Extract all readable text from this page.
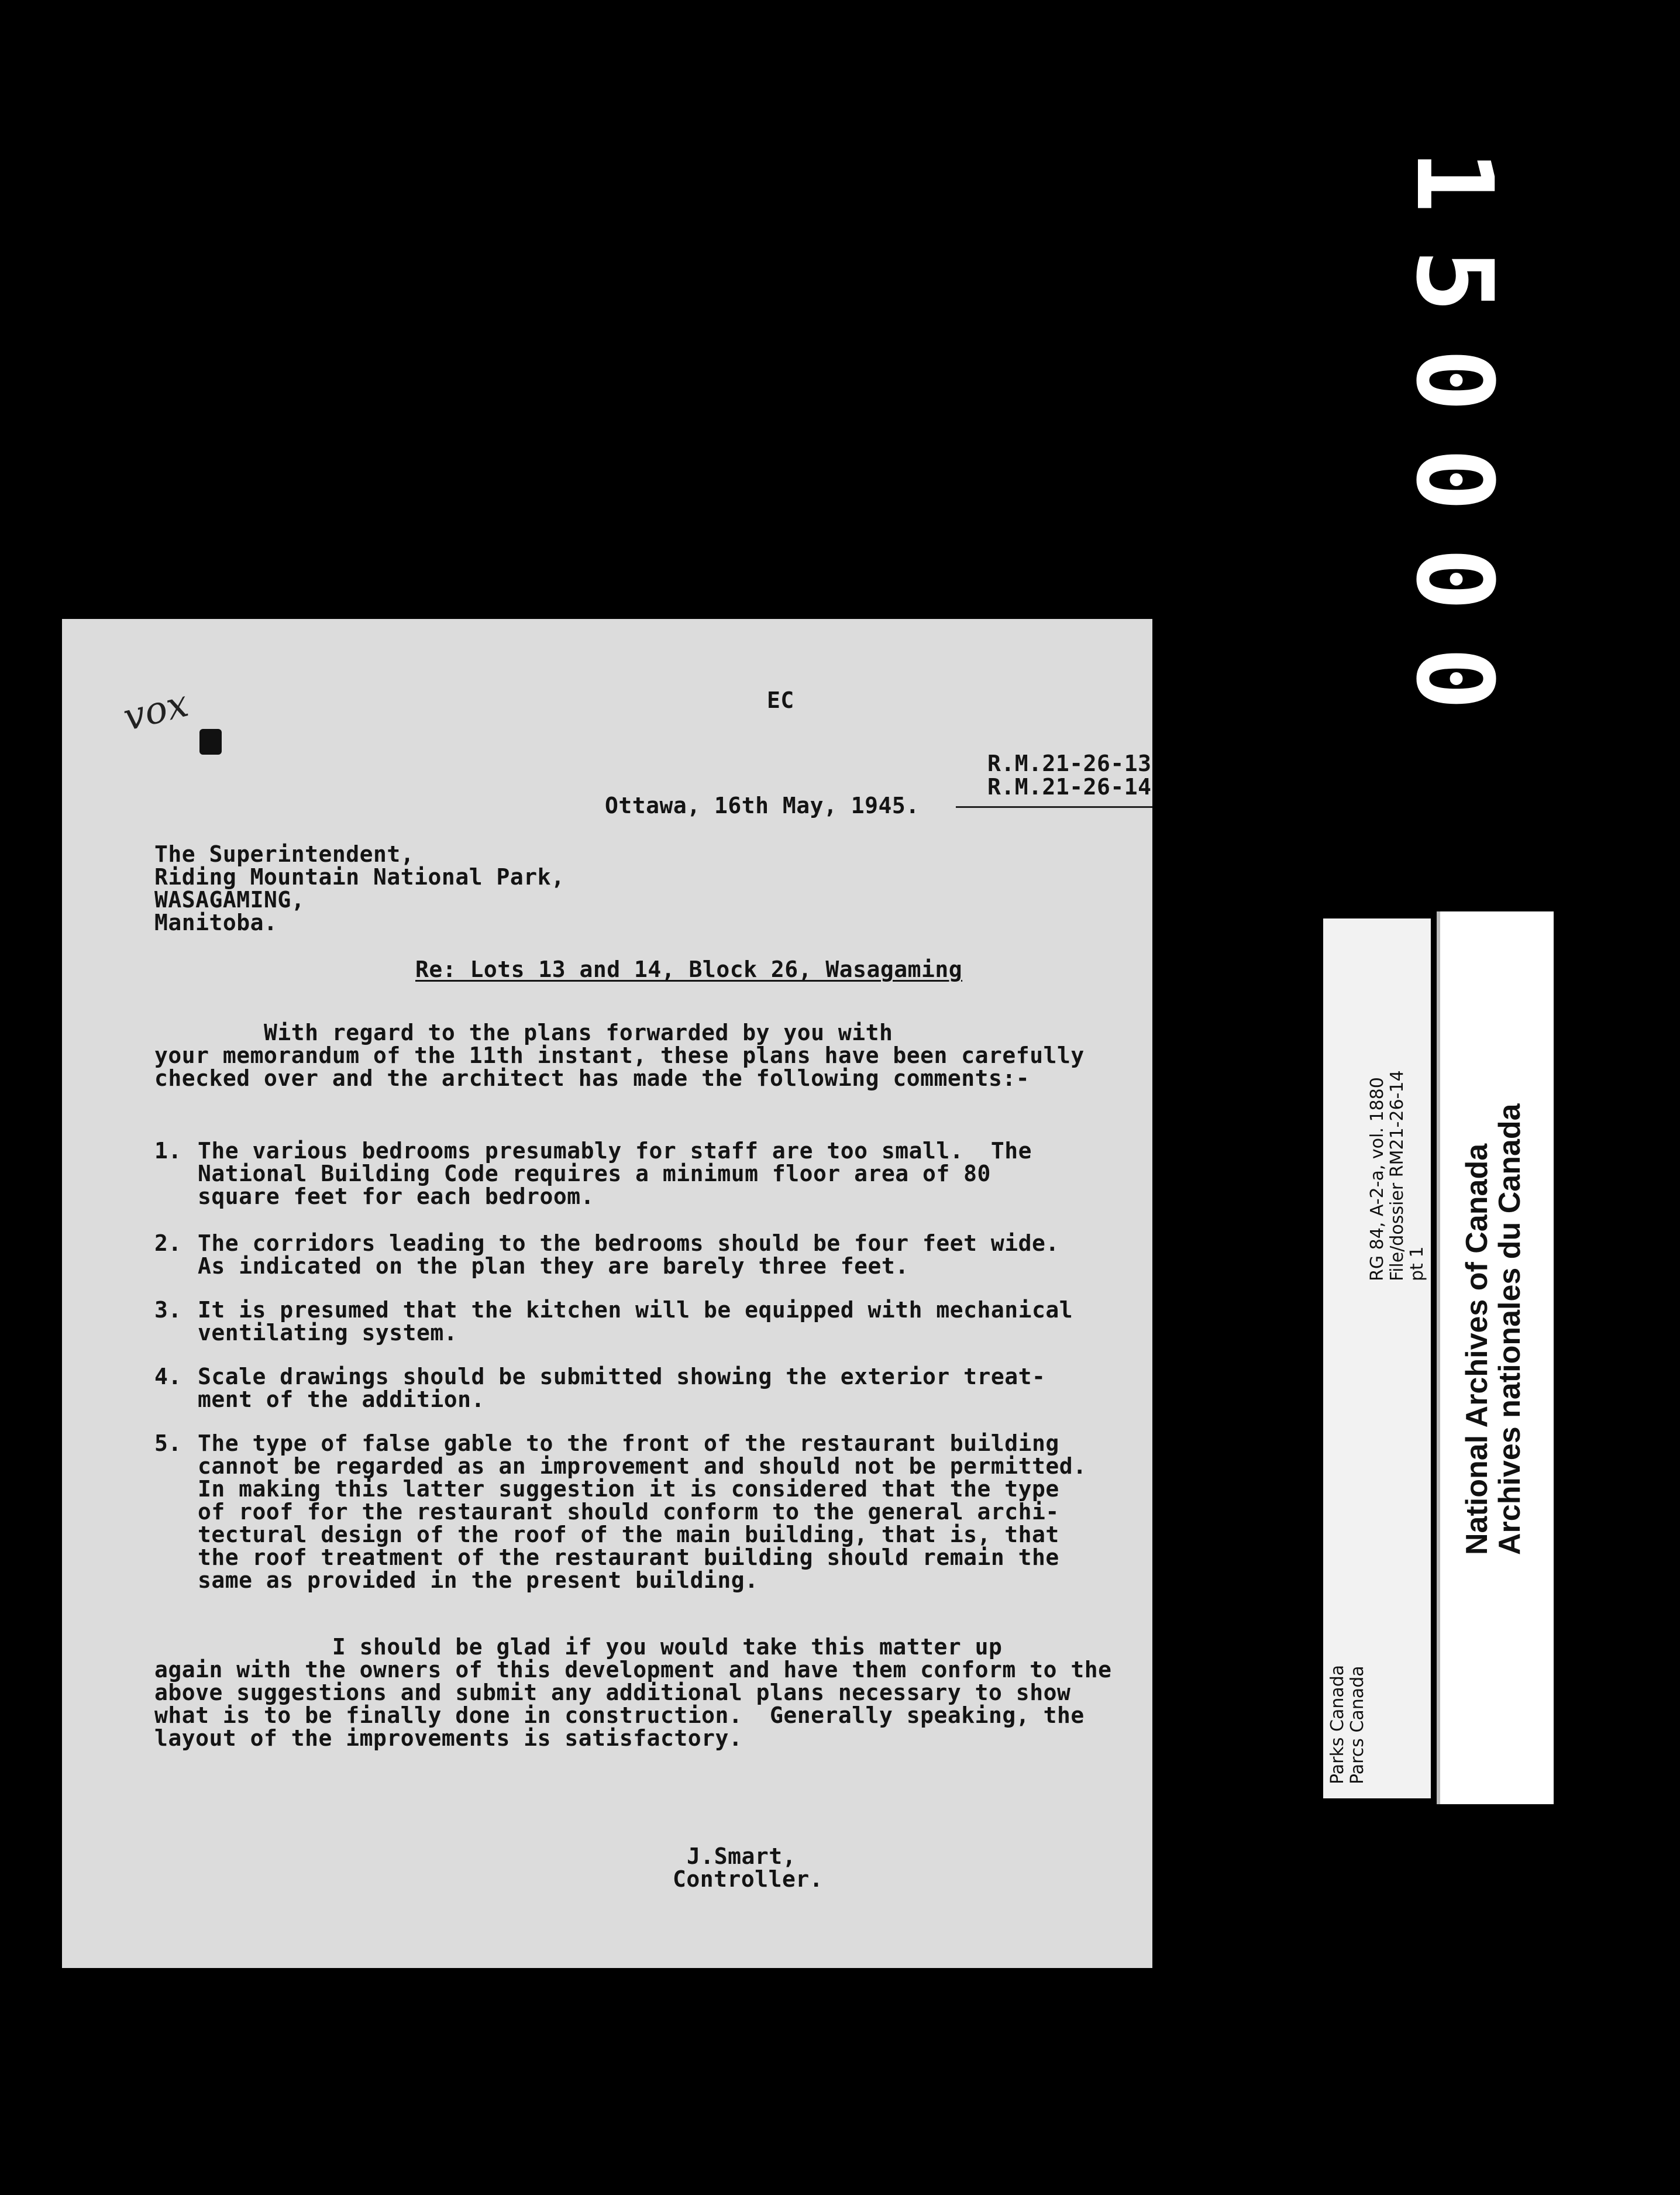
1
5
0
0
0
0
vox	EC
R.M.21-26-13
R.M.21-26-14
Ottawa, 16th May, 1945.
The Superintendent,
Riding Mountain National Park,
WASAGAMING,
Manitoba.
Re: Lots 13 and 14, Block 26, Wasagaming
With regard to the plans forwarded by you with
your memorandum of the 11th instant, these plans have been carefully
checked over and the architect has made the following comments:-
1. The various bedrooms presumably for staff are too small.  The
National Building Code requires a minimum floor area of 80
square feet for each bedroom.
2. The corridors leading to the bedrooms should be four feet wide.
As indicated on the plan they are barely three feet.
3. It is presumed that the kitchen will be equipped with mechanical
ventilating system.
4. Scale drawings should be submitted showing the exterior treat-
ment of the addition.
5. The type of false gable to the front of the restaurant building
cannot be regarded as an improvement and should not be permitted.
In making this latter suggestion it is considered that the type
of roof for the restaurant should conform to the general archi-
tectural design of the roof of the main building, that is, that
the roof treatment of the restaurant building should remain the
same as provided in the present building.
I should be glad if you would take this matter up
again with the owners of this development and have them conform to the
above suggestions and submit any additional plans necessary to show
what is to be finally done in construction.  Generally speaking, the
layout of the improvements is satisfactory.
J.Smart,
Controller.
Parks Canada Parcs Canada
RG 84, A-2-a, vol. 1880 File/dossier RM21-26-14 pt 1 National Archives of Canada
Archives nationales du Canada
